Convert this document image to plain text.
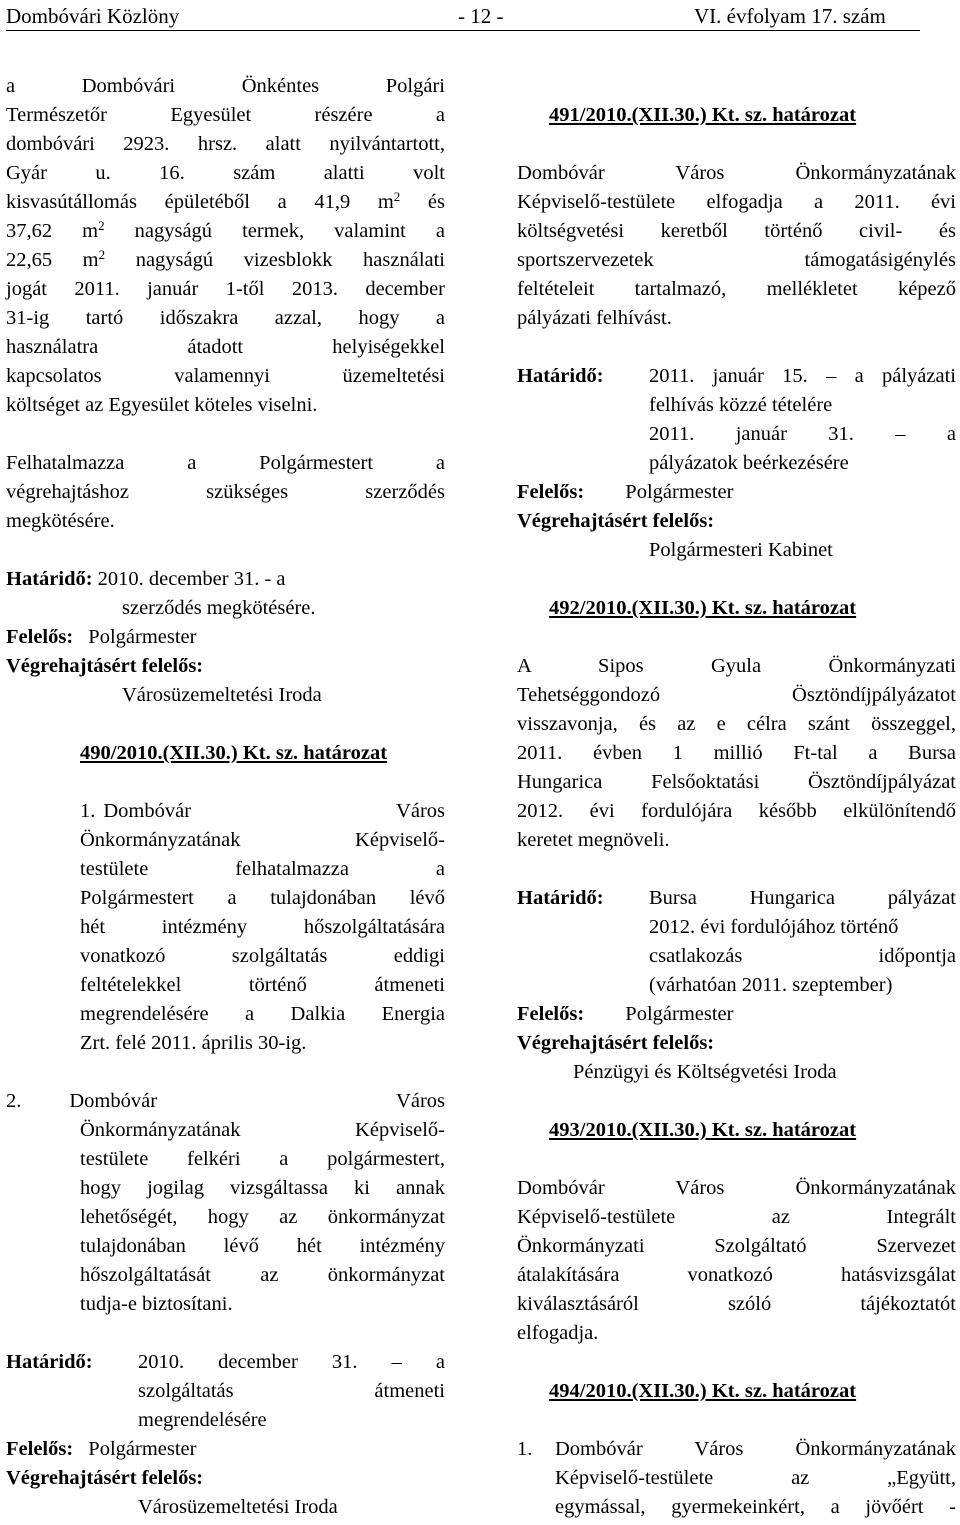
Dombóvári Közlöny	- 12 -	VI. évfolyam 17. szám

a Dombóvári Önkéntes Polgári

Természetőr Egyesület részére a

dombóvári 2923. hrsz. alatt nyilvántartott,

Gyár u. 16. szám alatti volt

kisvasútállomás épületéből a 41,9 $m^2$ és

37,62 $m^2$ nagyságú termek, valamint a

22,65 $m^2$ nagyságú vizesblokk használati

jogát 2011. január 1-től 2013. december

31-ig tartó időszakra azzal, hogy a

használatra átadott helyiségekkel

kapcsolatos valamennyi üzemeltetési

költséget az Egyesület köteles viselni.

Felhatalmazza a Polgármestert a

végrehajtáshoz szükséges szerződés

megkötésére.

Határidő: 2010. december 31. - a

szerződés megkötésére.

Felelős: Polgármester

Végrehajtásért felelős:

Városüzemeltetési Iroda

490/2010.(XII.30.) Kt. sz. határozat

1. Dombóvár Város

Önkormányzatának Képviselő-

testülete felhatalmazza a

Polgármestert a tulajdonában lévő

hét intézmény hőszolgáltatására

vonatkozó szolgáltatás eddigi

feltételekkel történő átmeneti

megrendelésére a Dalkia Energia

Zrt. felé 2011. április 30-ig.

2.	Dombóvár Város

Önkormányzatának Képviselő-

testülete felkéri a polgármestert,

hogy jogilag vizsgáltassa ki annak

lehetőségét, hogy az önkormányzat

tulajdonában lévő hét intézmény

hőszolgáltatását az önkormányzat

tudja-e biztosítani.

Határidő:	2010. december 31. – a

szolgáltatás átmeneti

megrendelésére

Felelős: Polgármester

Végrehajtásért felelős:

Városüzemeltetési Iroda

491/2010.(XII.30.) Kt. sz. határozat

Dombóvár Város Önkormányzatának

Képviselő-testülete elfogadja a 2011. évi

költségvetési keretből történő civil- és

sportszervezetek támogatásigénylés

feltételeit tartalmazó, mellékletet képező

pályázati felhívást.

Határidő:	2011. január 15. – a pályázati

felhívás közzé tételére

2011. január 31. – a

pályázatok beérkezésére

Felelős: Polgármester

Végrehajtásért felelős:

Polgármesteri Kabinet

492/2010.(XII.30.) Kt. sz. határozat

A Sipos Gyula Önkormányzati

Tehetséggondozó Ösztöndíjpályázatot

visszavonja, és az e célra szánt összeggel,

2011. évben 1 millió Ft-tal a Bursa

Hungarica Felsőoktatási Ösztöndíjpályázat

2012. évi fordulójára később elkülönítendő

keretet megnöveli.

Határidő:	Bursa Hungarica pályázat

2012. évi fordulójához történő

csatlakozás időpontja

(várhatóan 2011. szeptember)

Felelős: Polgármester

Végrehajtásért felelős:

Pénzügyi és Költségvetési Iroda

493/2010.(XII.30.) Kt. sz. határozat

Dombóvár Város Önkormányzatának

Képviselő-testülete az Integrált

Önkormányzati Szolgáltató Szervezet

átalakítására vonatkozó hatásvizsgálat

kiválasztásáról szóló tájékoztatót

elfogadja.

494/2010.(XII.30.) Kt. sz. határozat

1.	Dombóvár Város Önkormányzatának

Képviselő-testülete az „Együtt,

egymással, gyermekeinkért, a jövőért -
